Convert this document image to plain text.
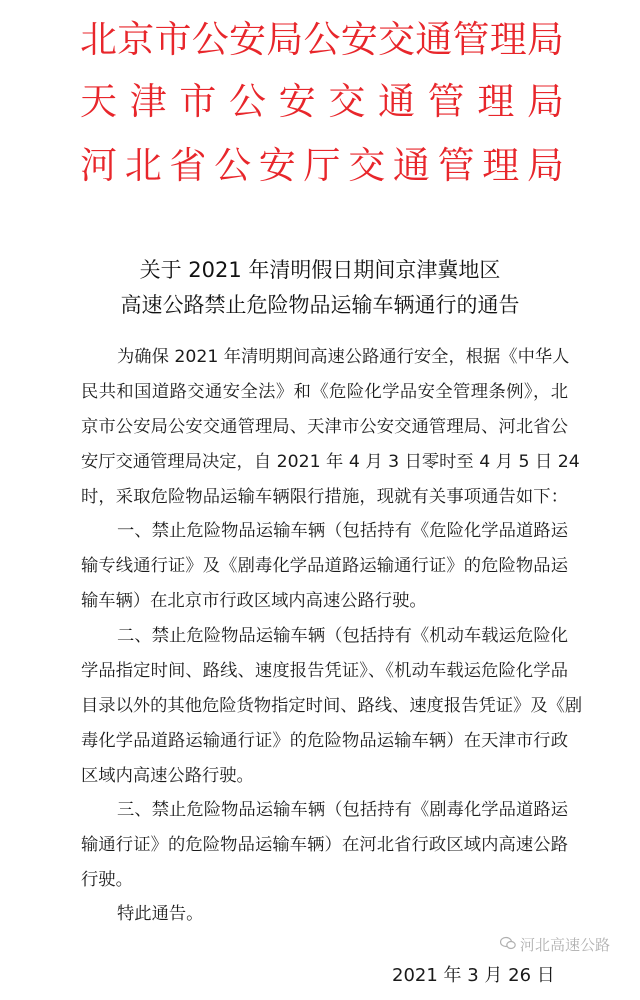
北京市公安局公安交通管理局
天津市公安交通管理局
河北省公安厅交通管理局
关于 2021 年清明假日期间京津冀地区
高速公路禁止危险物品运输车辆通行的通告
为确保 2021 年清明期间高速公路通行安全，根据《中华人
民共和国道路交通安全法》和《危险化学品安全管理条例》，北
京市公安局公安交通管理局、天津市公安交通管理局、河北省公
安厅交通管理局决定，自 2021 年 4 月 3 日零时至 4 月 5 日 24
时，采取危险物品运输车辆限行措施，现就有关事项通告如下：
一、禁止危险物品运输车辆（包括持有《危险化学品道路运
输专线通行证》及《剧毒化学品道路运输通行证》的危险物品运
输车辆）在北京市行政区域内高速公路行驶。
二、禁止危险物品运输车辆（包括持有《机动车载运危险化
学品指定时间、路线、速度报告凭证》、《机动车载运危险化学品
目录以外的其他危险货物指定时间、路线、速度报告凭证》及《剧
毒化学品道路运输通行证》的危险物品运输车辆）在天津市行政
区域内高速公路行驶。
三、禁止危险物品运输车辆（包括持有《剧毒化学品道路运
输通行证》的危险物品运输车辆）在河北省行政区域内高速公路
行驶。
特此通告。
河北高速公路
2021 年 3 月 26 日
